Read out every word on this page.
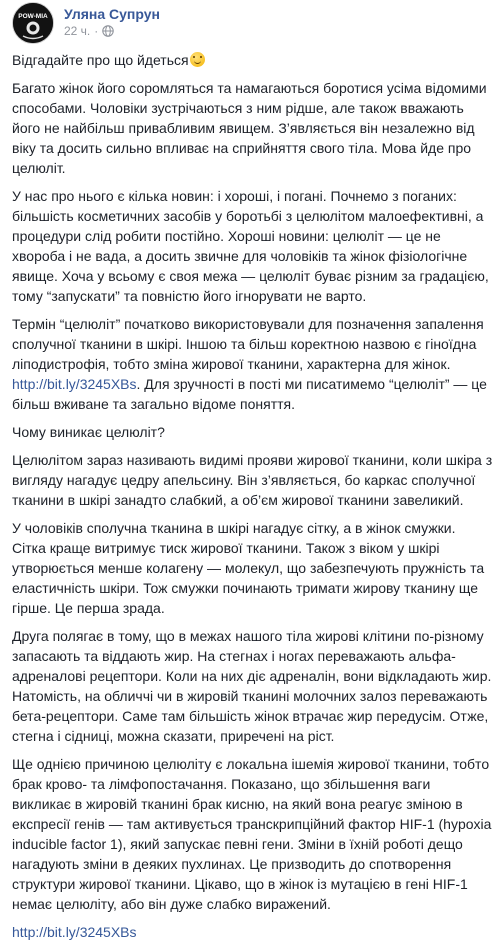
POW-MIA Уляна Супрун
22 ч. ·

Відгадайте про що йдеться

Багато жінок його соромляться та намагаються боротися усіма відомими способами. Чоловіки зустрічаються з ним рідше, але також вважають його не найбільш привабливим явищем. З’являється він незалежно від віку та досить сильно впливає на сприйняття свого тіла. Мова йде про целюліт.

У нас про нього є кілька новин: і хороші, і погані. Почнемо з поганих: більшість косметичних засобів у боротьбі з целюлітом малоефективні, а процедури слід робити постійно. Хороші новини: целюліт — це не хвороба і не вада, а досить звичне для чоловіків та жінок фізіологічне явище. Хоча у всьому є своя межа — целюліт буває різним за градацією, тому “запускати” та повністю його ігнорувати не варто.

Термін “целюліт” початково використовували для позначення запалення сполучної тканини в шкірі. Іншою та більш коректною назвою є гіноїдна ліподистрофія, тобто зміна жирової тканини, характерна для жінок. http://bit.ly/3245XBs. Для зручності в пості ми писатимемо “целюліт” — це більш вживане та загально відоме поняття.

Чому виникає целюліт?

Целюлітом зараз називають видимі прояви жирової тканини, коли шкіра з вигляду нагадує цедру апельсину. Він з’являється, бо каркас сполучної тканини в шкірі занадто слабкий, а об’єм жирової тканини завеликий.

У чоловіків сполучна тканина в шкірі нагадує сітку, а в жінок смужки. Сітка краще витримує тиск жирової тканини. Також з віком у шкірі утворюється менше колагену — молекул, що забезпечують пружність та еластичність шкіри. Тож смужки починають тримати жирову тканину ще гірше. Це перша зрада.

Друга полягає в тому, що в межах нашого тіла жирові клітини по-різному запасають та віддають жир. На стегнах і ногах переважають альфа-адреналові рецептори. Коли на них діє адреналін, вони відкладають жир. Натомість, на обличчі чи в жировій тканині молочних залоз переважають бета-рецептори. Саме там більшість жінок втрачає жир передусім. Отже, стегна і сідниці, можна сказати, приречені на ріст.

Ще однією причиною целюліту є локальна ішемія жирової тканини, тобто брак крово- та лімфопостачання. Показано, що збільшення ваги викликає в жировій тканині брак кисню, на який вона реагує зміною в експресії генів — там активується транскрипційний фактор HIF-1 (hypoxia inducible factor 1), який запускає певні гени. Зміни в їхній роботі дещо нагадують зміни в деяких пухлинах. Це призводить до спотворення структури жирової тканини. Цікаво, що в жінок із мутацією в гені HIF-1 немає целюліту, або він дуже слабко виражений.

http://bit.ly/3245XBs
